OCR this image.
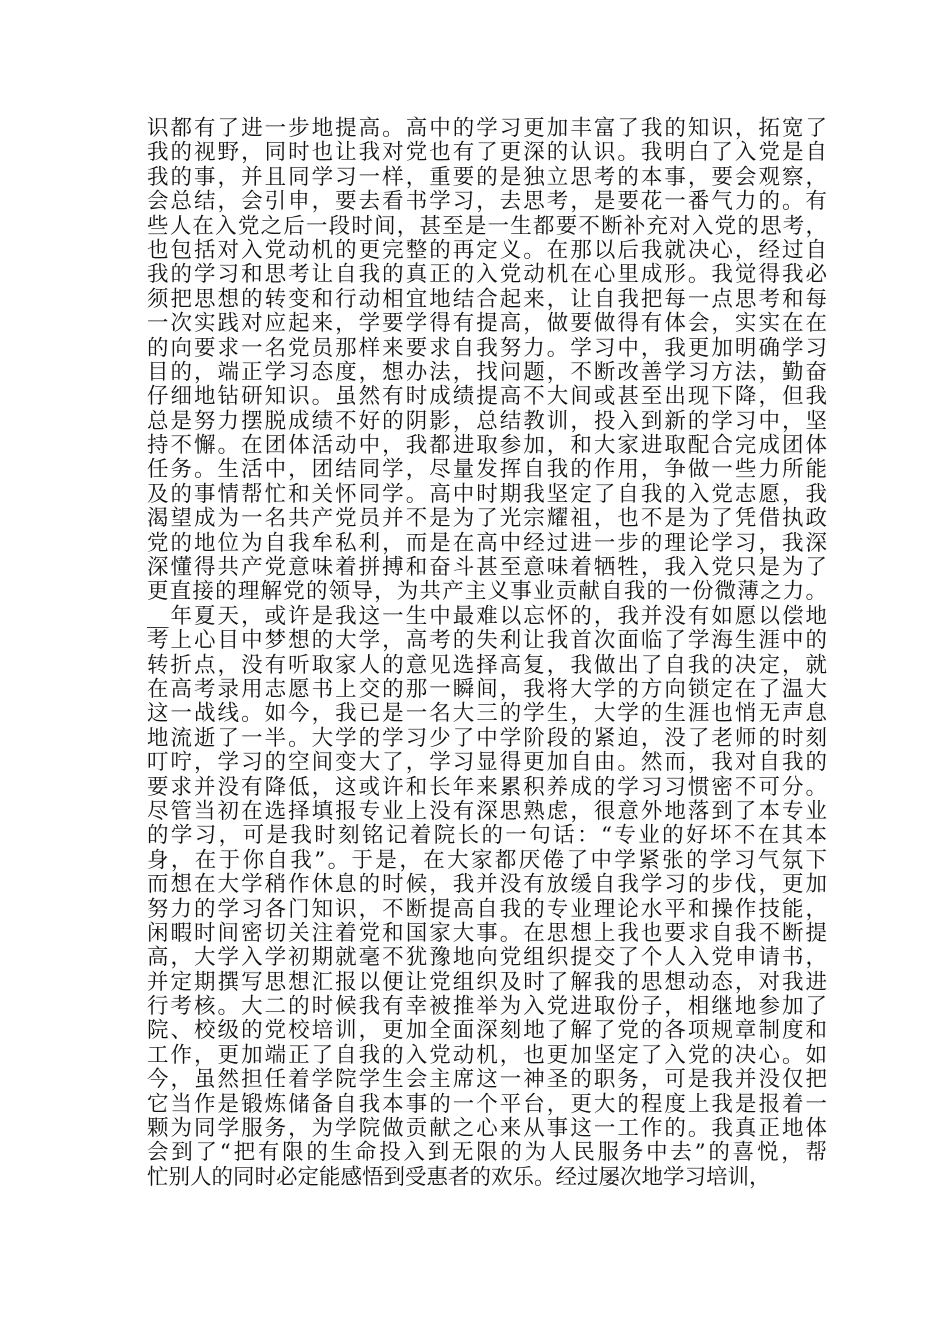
识都有了进一步地提高。高中的学习更加丰富了我的知识，拓宽了
我的视野，同时也让我对党也有了更深的认识。我明白了入党是自
我的事，并且同学习一样，重要的是独立思考的本事，要会观察，
会总结，会引申，要去看书学习，去思考，是要花一番气力的。有
些人在入党之后一段时间，甚至是一生都要不断补充对入党的思考，
也包括对入党动机的更完整的再定义。在那以后我就决心，经过自
我的学习和思考让自我的真正的入党动机在心里成形。我觉得我必
须把思想的转变和行动相宜地结合起来，让自我把每一点思考和每
一次实践对应起来，学要学得有提高，做要做得有体会，实实在在
的向要求一名党员那样来要求自我努力。学习中，我更加明确学习
目的，端正学习态度，想办法，找问题，不断改善学习方法，勤奋
仔细地钻研知识。虽然有时成绩提高不大间或甚至出现下降，但我
总是努力摆脱成绩不好的阴影，总结教训，投入到新的学习中，坚
持不懈。在团体活动中，我都进取参加，和大家进取配合完成团体
任务。生活中，团结同学，尽量发挥自我的作用，争做一些力所能
及的事情帮忙和关怀同学。高中时期我坚定了自我的入党志愿，我
渴望成为一名共产党员并不是为了光宗耀祖，也不是为了凭借执政
党的地位为自我牟私利，而是在高中经过进一步的理论学习，我深
深懂得共产党意味着拼搏和奋斗甚至意味着牺牲，我入党只是为了
更直接的理解党的领导，为共产主义事业贡献自我的一份微薄之力。
__年夏天，或许是我这一生中最难以忘怀的，我并没有如愿以偿地
考上心目中梦想的大学，高考的失利让我首次面临了学海生涯中的
转折点，没有听取家人的意见选择高复，我做出了自我的决定，就
在高考录用志愿书上交的那一瞬间，我将大学的方向锁定在了温大
这一战线。如今，我已是一名大三的学生，大学的生涯也悄无声息
地流逝了一半。大学的学习少了中学阶段的紧迫，没了老师的时刻
叮咛，学习的空间变大了，学习显得更加自由。然而，我对自我的
要求并没有降低，这或许和长年来累积养成的学习习惯密不可分。
尽管当初在选择填报专业上没有深思熟虑，很意外地落到了本专业
的学习，可是我时刻铭记着院长的一句话：“专业的好坏不在其本
身，在于你自我”。于是，在大家都厌倦了中学紧张的学习气氛下
而想在大学稍作休息的时候，我并没有放缓自我学习的步伐，更加
努力的学习各门知识，不断提高自我的专业理论水平和操作技能，
闲暇时间密切关注着党和国家大事。在思想上我也要求自我不断提
高，大学入学初期就毫不犹豫地向党组织提交了个人入党申请书，
并定期撰写思想汇报以便让党组织及时了解我的思想动态，对我进
行考核。大二的时候我有幸被推举为入党进取份子，相继地参加了
院、校级的党校培训，更加全面深刻地了解了党的各项规章制度和
工作，更加端正了自我的入党动机，也更加坚定了入党的决心。如
今，虽然担任着学院学生会主席这一神圣的职务，可是我并没仅把
它当作是锻炼储备自我本事的一个平台，更大的程度上我是报着一
颗为同学服务，为学院做贡献之心来从事这一工作的。我真正地体
会到了“把有限的生命投入到无限的为人民服务中去”的喜悦，帮
忙别人的同时必定能感悟到受惠者的欢乐。经过屡次地学习培训，
